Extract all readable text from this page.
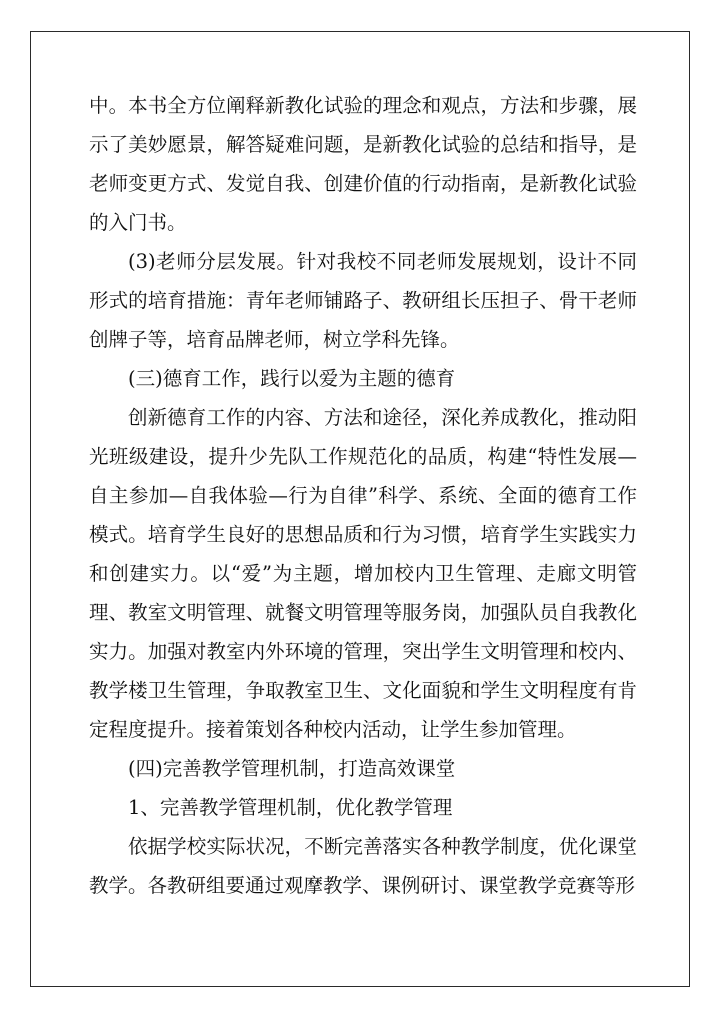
中。本书全方位阐释新教化试验的理念和观点，方法和步骤，展示了美妙愿景，解答疑难问题，是新教化试验的总结和指导，是老师变更方式、发觉自我、创建价值的行动指南，是新教化试验的入门书。

(3)老师分层发展。针对我校不同老师发展规划，设计不同形式的培育措施：青年老师铺路子、教研组长压担子、骨干老师创牌子等，培育品牌老师，树立学科先锋。

(三)德育工作，践行以爱为主题的德育

创新德育工作的内容、方法和途径，深化养成教化，推动阳光班级建设，提升少先队工作规范化的品质，构建“特性发展—自主参加—自我体验—行为自律”科学、系统、全面的德育工作模式。培育学生良好的思想品质和行为习惯，培育学生实践实力和创建实力。以“爱”为主题，增加校内卫生管理、走廊文明管理、教室文明管理、就餐文明管理等服务岗，加强队员自我教化实力。加强对教室内外环境的管理，突出学生文明管理和校内、教学楼卫生管理，争取教室卫生、文化面貌和学生文明程度有肯定程度提升。接着策划各种校内活动，让学生参加管理。

(四)完善教学管理机制，打造高效课堂

1、完善教学管理机制，优化教学管理

依据学校实际状况，不断完善落实各种教学制度，优化课堂教学。各教研组要通过观摩教学、课例研讨、课堂教学竞赛等形
